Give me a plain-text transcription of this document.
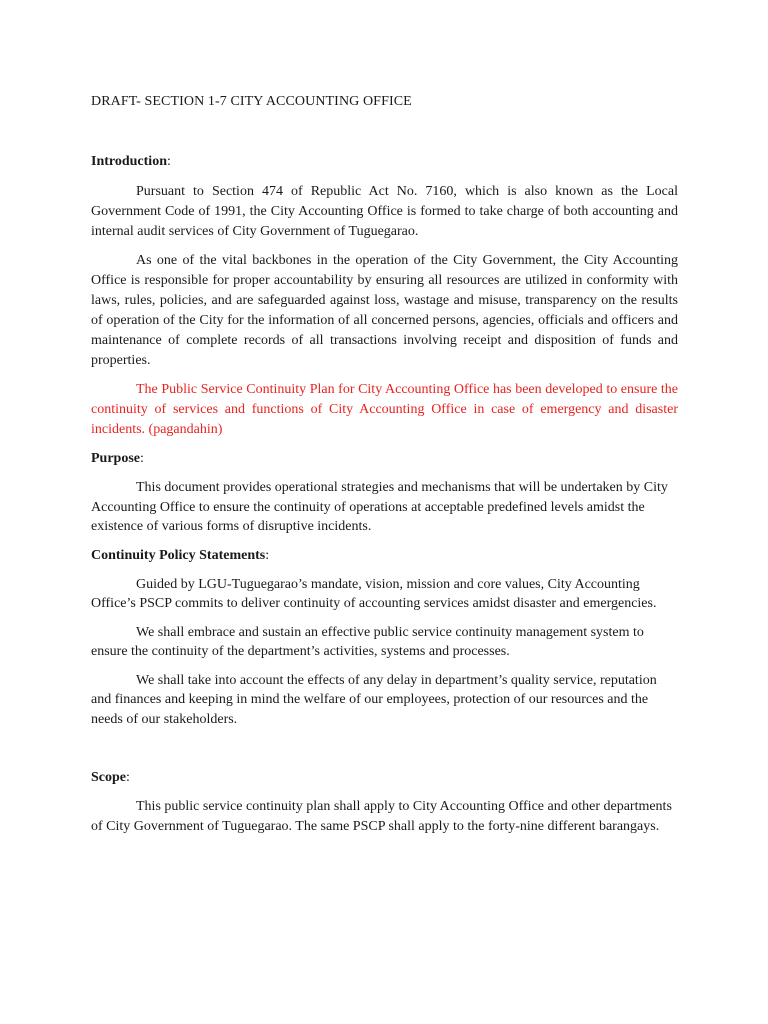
DRAFT- SECTION 1-7 CITY ACCOUNTING OFFICE

Introduction:

Pursuant to Section 474 of Republic Act No. 7160, which is also known as the Local Government Code of 1991, the City Accounting Office is formed to take charge of both accounting and internal audit services of City Government of Tuguegarao.

As one of the vital backbones in the operation of the City Government, the City Accounting Office is responsible for proper accountability by ensuring all resources are utilized in conformity with laws, rules, policies, and are safeguarded against loss, wastage and misuse, transparency on the results of operation of the City for the information of all concerned persons, agencies, officials and officers and maintenance of complete records of all transactions involving receipt and disposition of funds and properties.

The Public Service Continuity Plan for City Accounting Office has been developed to ensure the continuity of services and functions of City Accounting Office in case of emergency and disaster incidents. (pagandahin)

Purpose:

This document provides operational strategies and mechanisms that will be undertaken by City Accounting Office to ensure the continuity of operations at acceptable predefined levels amidst the existence of various forms of disruptive incidents.

Continuity Policy Statements:

Guided by LGU-Tuguegarao’s mandate, vision, mission and core values, City Accounting Office’s PSCP commits to deliver continuity of accounting services amidst disaster and emergencies.

We shall embrace and sustain an effective public service continuity management system to ensure the continuity of the department’s activities, systems and processes.

We shall take into account the effects of any delay in department’s quality service, reputation and finances and keeping in mind the welfare of our employees, protection of our resources and the needs of our stakeholders.

Scope:

This public service continuity plan shall apply to City Accounting Office and other departments of City Government of Tuguegarao. The same PSCP shall apply to the forty-nine different barangays.
